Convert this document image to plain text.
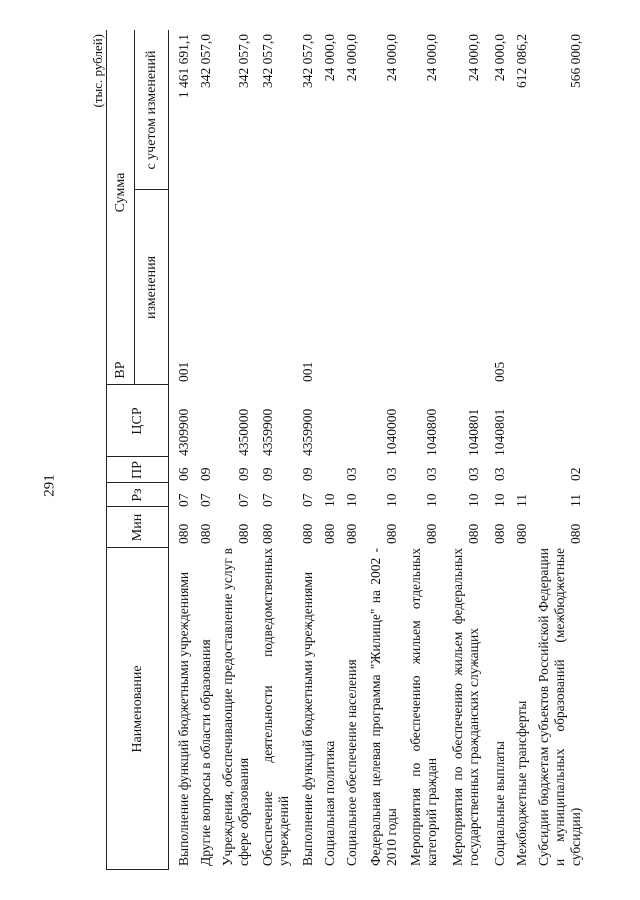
291
(тыс. рублей)
Наименование
Мин
Рз
ПР
ЦСР
ВР
Сумма
изменения
с учетом изменений
Выполнение функций бюджетными учреждениями
080
07
06
4309900
001
1 461 691,1
Другие вопросы в области образования
080
07
09
342 057,0
Учреждения, обеспечивающие предоставление услуг в сфере образования
080
07
09
4350000
342 057,0
Обеспечение деятельности подведомственных учреждений
080
07
09
4359900
342 057,0
Выполнение функций бюджетными учреждениями
080
07
09
4359900
001
342 057,0
Социальная политика
080
10
24 000,0
Социальное обеспечение населения
080
10
03
24 000,0
Федеральная целевая программа "Жилище" на 2002 - 2010 годы
080
10
03
1040000
24 000,0
Мероприятия по обеспечению жильем отдельных категорий граждан
080
10
03
1040800
24 000,0
Мероприятия по обеспечению жильем федеральных государственных гражданских служащих
080
10
03
1040801
24 000,0
Социальные выплаты
080
10
03
1040801
005
24 000,0
Межбюджетные трансферты
080
11
612 086,2
Субсидии бюджетам субъектов Российской Федерации и муниципальных образований (межбюджетные субсидии)
080
11
02
566 000,0
